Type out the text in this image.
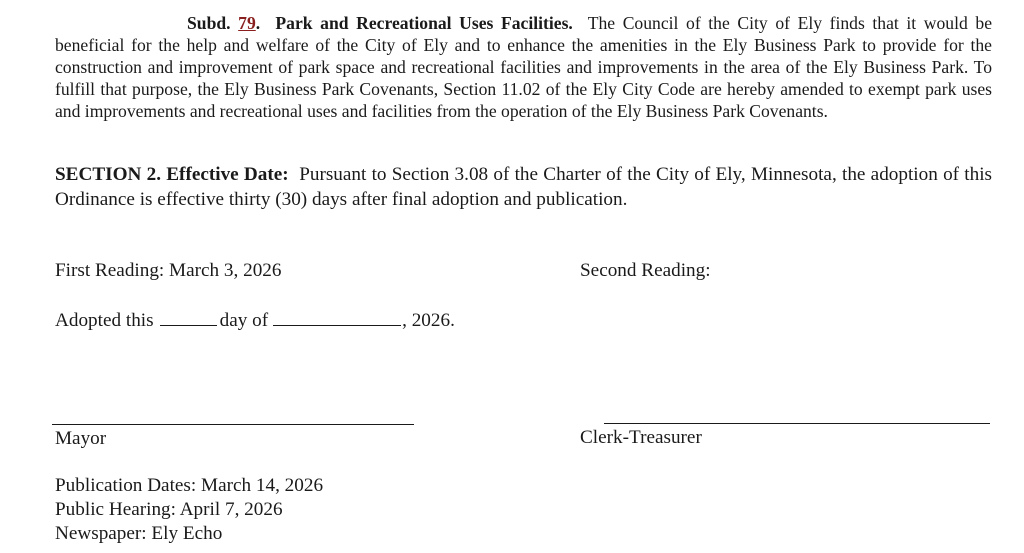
Subd. 79. Park and Recreational Uses Facilities. The Council of the City of Ely finds that it would be beneficial for the help and welfare of the City of Ely and to enhance the amenities in the Ely Business Park to provide for the construction and improvement of park space and recreational facilities and improvements in the area of the Ely Business Park. To fulfill that purpose, the Ely Business Park Covenants, Section 11.02 of the Ely City Code are hereby amended to exempt park uses and improvements and recreational uses and facilities from the operation of the Ely Business Park Covenants.

SECTION 2. Effective Date: Pursuant to Section 3.08 of the Charter of the City of Ely, Minnesota, the adoption of this Ordinance is effective thirty (30) days after final adoption and publication.

First Reading: March 3, 2026	Second Reading:
Adopted this	day of	, 2026.
Mayor	Clerk-Treasurer
Publication Dates: March 14, 2026
Public Hearing: April 7, 2026
Newspaper: Ely Echo
